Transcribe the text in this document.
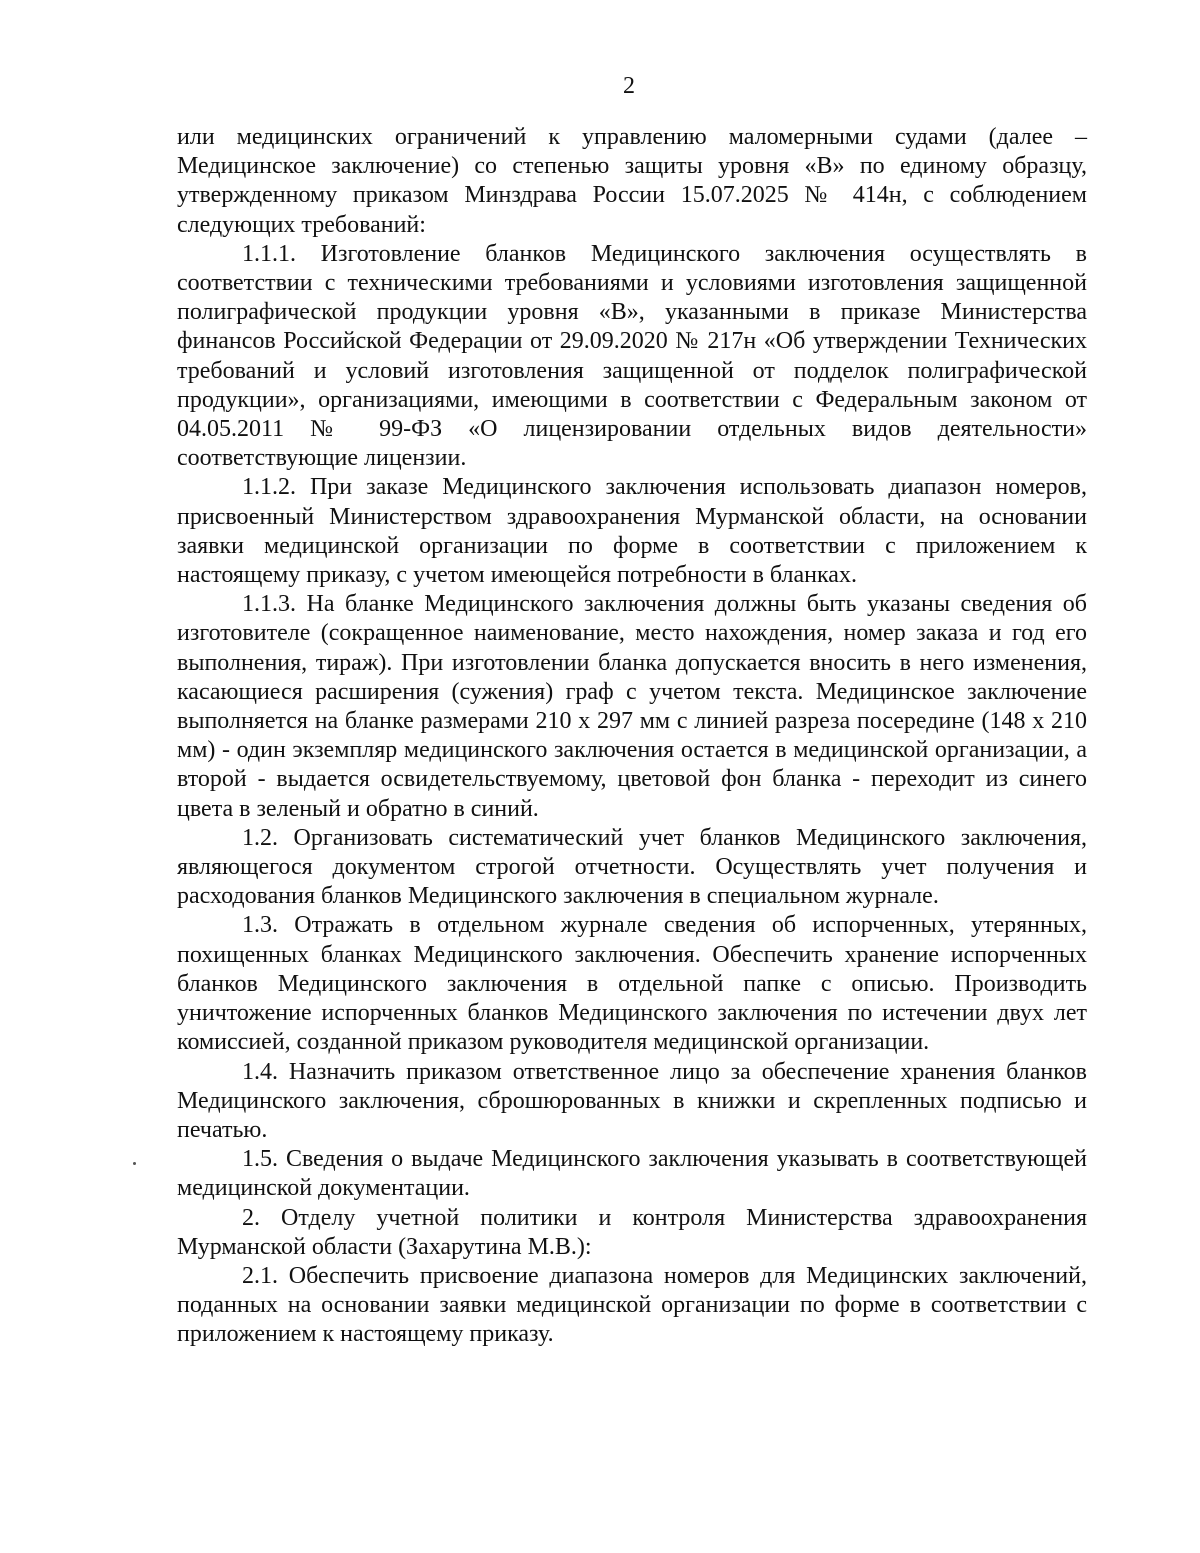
2

или медицинских ограничений к управлению маломерными судами (далее – Медицинское заключение) со степенью защиты уровня «В» по единому образцу, утвержденному приказом Минздрава России 15.07.2025 № 414н, с соблюдением следующих требований:

1.1.1. Изготовление бланков Медицинского заключения осуществлять в соответствии с техническими требованиями и условиями изготовления защищенной полиграфической продукции уровня «В», указанными в приказе Министерства финансов Российской Федерации от 29.09.2020 № 217н «Об утверждении Технических требований и условий изготовления защищенной от подделок полиграфической продукции», организациями, имеющими в соответствии с Федеральным законом от 04.05.2011 № 99-ФЗ «О лицензировании отдельных видов деятельности» соответствующие лицензии.

1.1.2. При заказе Медицинского заключения использовать диапазон номеров, присвоенный Министерством здравоохранения Мурманской области, на основании заявки медицинской организации по форме в соответствии с приложением к настоящему приказу, с учетом имеющейся потребности в бланках.

1.1.3. На бланке Медицинского заключения должны быть указаны сведения об изготовителе (сокращенное наименование, место нахождения, номер заказа и год его выполнения, тираж). При изготовлении бланка допускается вносить в него изменения, касающиеся расширения (сужения) граф с учетом текста. Медицинское заключение выполняется на бланке размерами 210 x 297 мм с линией разреза посередине (148 x 210 мм) - один экземпляр медицинского заключения остается в медицинской организации, а второй - выдается освидетельствуемому, цветовой фон бланка - переходит из синего цвета в зеленый и обратно в синий.

1.2. Организовать систематический учет бланков Медицинского заключения, являющегося документом строгой отчетности. Осуществлять учет получения и расходования бланков Медицинского заключения в специальном журнале.

1.3. Отражать в отдельном журнале сведения об испорченных, утерянных, похищенных бланках Медицинского заключения. Обеспечить хранение испорченных бланков Медицинского заключения в отдельной папке с описью. Производить уничтожение испорченных бланков Медицинского заключения по истечении двух лет комиссией, созданной приказом руководителя медицинской организации.

1.4. Назначить приказом ответственное лицо за обеспечение хранения бланков Медицинского заключения, сброшюрованных в книжки и скрепленных подписью и печатью.

1.5. Сведения о выдаче Медицинского заключения указывать в соответствующей медицинской документации.

2. Отделу учетной политики и контроля Министерства здравоохранения Мурманской области (Захарутина М.В.):

2.1. Обеспечить присвоение диапазона номеров для Медицинских заключений, поданных на основании заявки медицинской организации по форме в соответствии с приложением к настоящему приказу.
